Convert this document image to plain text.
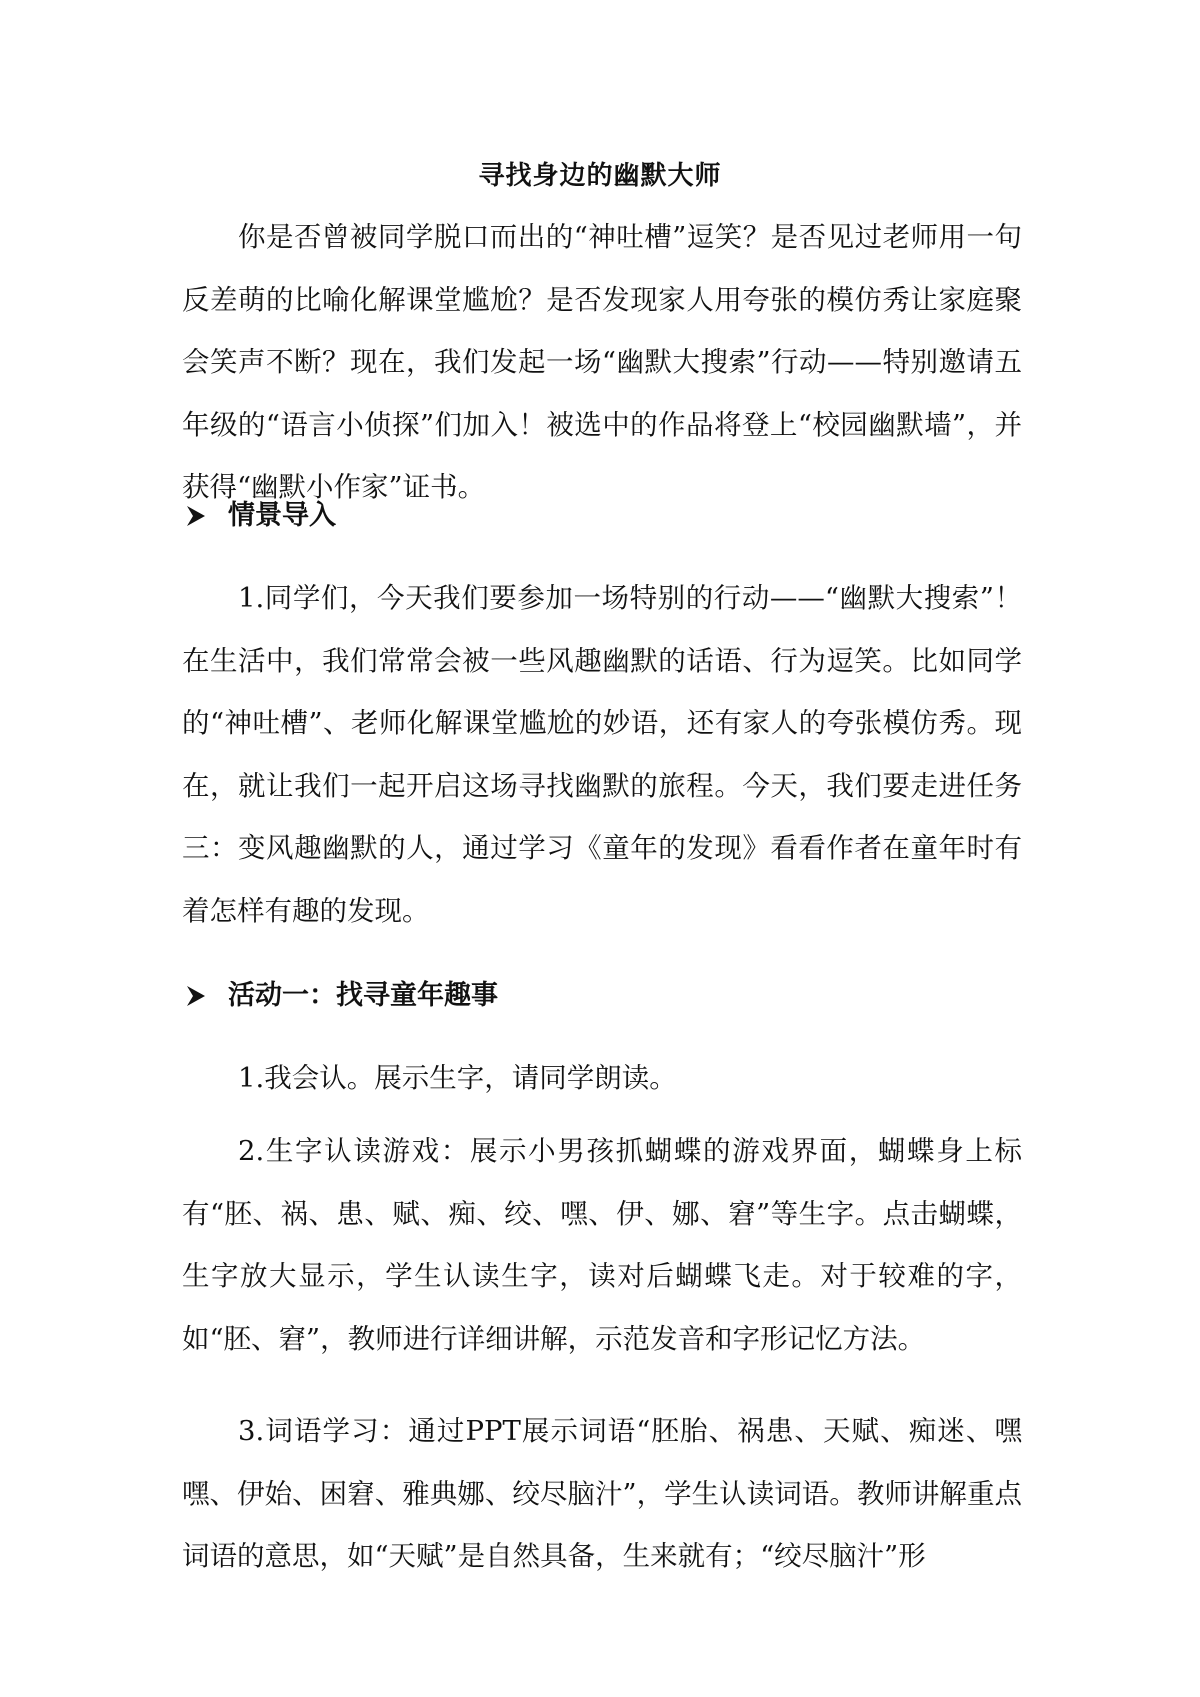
寻找身边的幽默大师

你是否曾被同学脱口而出的“神吐槽”逗笑？是否见过老师用一句反差萌的比喻化解课堂尴尬？是否发现家人用夸张的模仿秀让家庭聚会笑声不断？现在，我们发起一场“幽默大搜索”行动——特别邀请五年级的“语言小侦探”们加入！被选中的作品将登上“校园幽默墙”，并获得“幽默小作家”证书。

情景导入

1.同学们，今天我们要参加一场特别的行动——“幽默大搜索”！在生活中，我们常常会被一些风趣幽默的话语、行为逗笑。比如同学的“神吐槽”、老师化解课堂尴尬的妙语，还有家人的夸张模仿秀。现在，就让我们一起开启这场寻找幽默的旅程。今天，我们要走进任务三：变风趣幽默的人，通过学习《童年的发现》看看作者在童年时有着怎样有趣的发现。

活动一：找寻童年趣事

1.我会认。展示生字，请同学朗读。

2.生字认读游戏：展示小男孩抓蝴蝶的游戏界面，蝴蝶身上标有“胚、祸、患、赋、痴、绞、嘿、伊、娜、窘”等生字。点击蝴蝶，生字放大显示，学生认读生字，读对后蝴蝶飞走。对于较难的字，如“胚、窘”，教师进行详细讲解，示范发音和字形记忆方法。

3.词语学习：通过PPT展示词语“胚胎、祸患、天赋、痴迷、嘿嘿、伊始、困窘、雅典娜、绞尽脑汁”，学生认读词语。教师讲解重点词语的意思，如“天赋”是自然具备，生来就有；“绞尽脑汁”形
